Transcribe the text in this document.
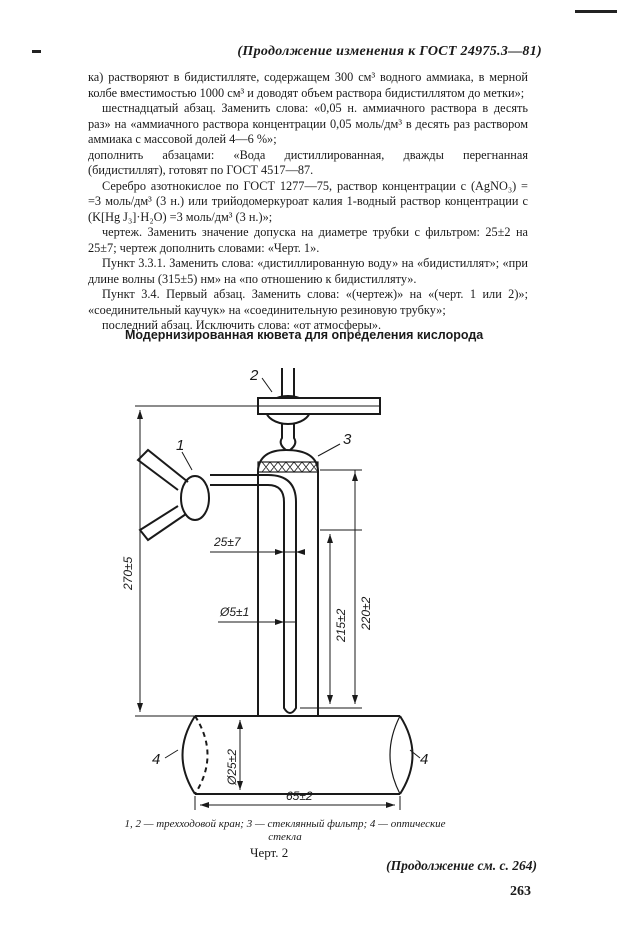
(Продолжение изменения к ГОСТ 24975.3—81)

ка) растворяют в бидистилляте, содержащем 300 см³ водного аммиака, в мерной колбе вместимостью 1000 см³ и доводят объем раствора бидистиллятом до метки»;

шестнадцатый абзац. Заменить слова: «0,05 н. аммиачного раствора в десять раз» на «аммиачного раствора концентрации 0,05 моль/дм³ в десять раз раствором аммиака с массовой долей 4—6 %»;

дополнить абзацами: «Вода дистиллированная, дважды перегнанная (бидистиллят), готовят по ГОСТ 4517—87.

Серебро азотнокислое по ГОСТ 1277—75, раствор концентрации c (AgNO₃) = =3 моль/дм³ (3 н.) или трийодомеркуроат калия 1-водный раствор концентрации c (K[Hg J₃]·H₂O) =3 моль/дм³ (3 н.)»;

чертеж. Заменить значение допуска на диаметре трубки с фильтром: 25±2 на 25±7; чертеж дополнить словами: «Черт. 1».

Пункт 3.3.1. Заменить слова: «дистиллированную воду» на «бидистиллят»; «при длине волны (315±5) нм» на «по отношению к бидистилляту».

Пункт 3.4. Первый абзац. Заменить слова: «(чертеж)» на «(черт. 1 или 2)»; «соединительный каучук» на «соединительную резиновую трубку»;

последний абзац. Исключить слова: «от атмосферы».

Модернизированная кювета для определения кислорода
2
1	3
4	4
25±7
Ø5±1
270±5
215±2 220±2
Ø25±2
65±2
1, 2 — трехходовой кран; 3 — стеклянный фильтр; 4 — оптические стекла
Черт. 2
(Продолжение см. с. 264)
263
